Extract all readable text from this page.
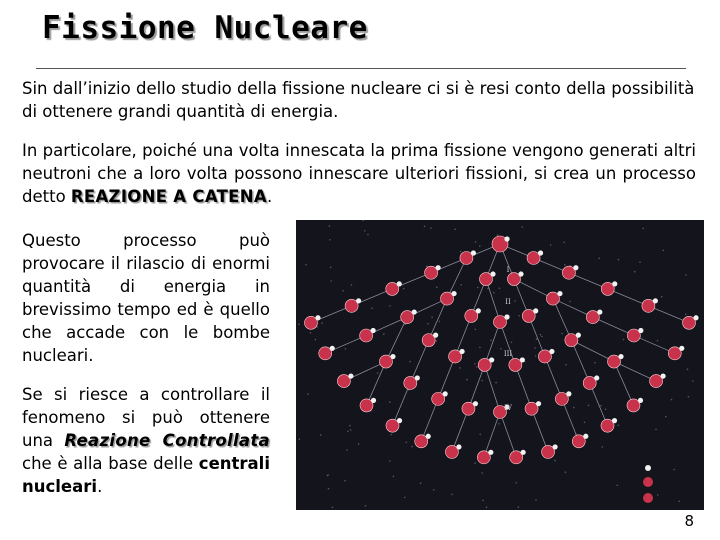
Fissione Nucleare

Sin dall’inizio dello studio della fissione nucleare ci si è resi conto della possibilità di ottenere grandi quantità di energia.

In particolare, poiché una volta innescata la prima fissione vengono generati altri neutroni che a loro volta possono innescare ulteriori fissioni, si crea un processo detto REAZIONE A CATENA.

Questo processo può provocare il rilascio di enormi quantità di energia in brevissimo tempo ed è quello che accade con le bombe nucleari.

Se si riesce a controllare il fenomeno si può ottenere una Reazione Controllata che è alla base delle centrali nucleari.

I
II
III
IV
8
